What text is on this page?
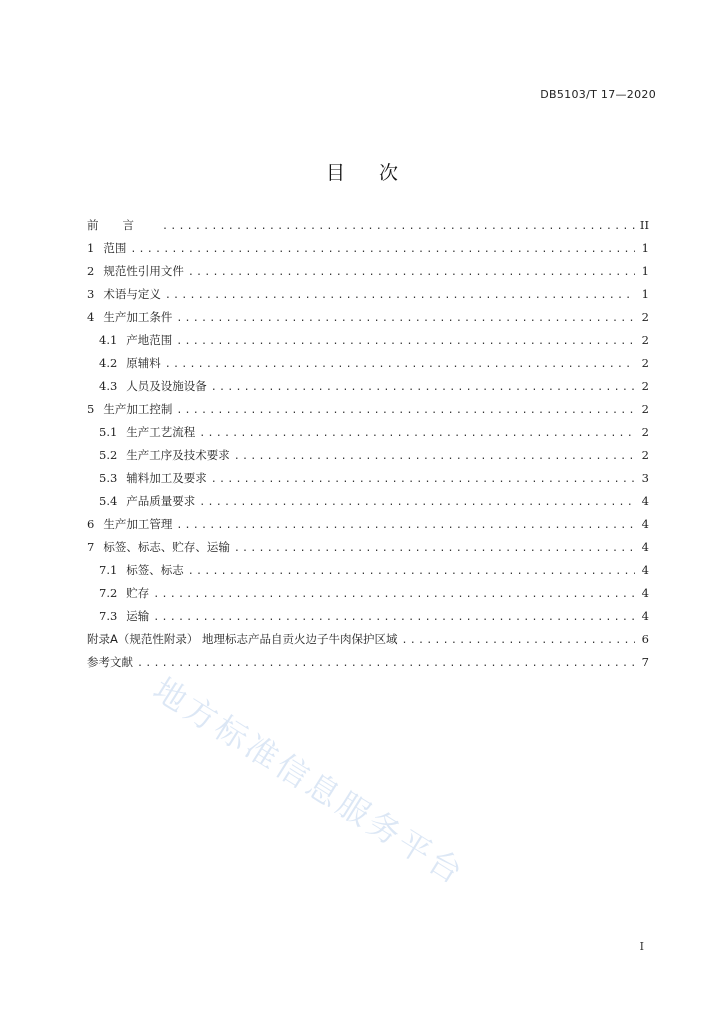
DB5103/T 17—2020
目 次
前言 .....	II
1 范围 .....	1
2 规范性引用文件 .....	1
3 术语与定义 .....	1
4 生产加工条件 .....	2
4.1 产地范围 .....	2
4.2 原辅料 .....	2
4.3 人员及设施设备 .....	2
5 生产加工控制 .....	2
5.1 生产工艺流程 .....	2
5.2 生产工序及技术要求 .....	2
5.3 辅料加工及要求 .....	3
5.4 产品质量要求 .....	4
6 生产加工管理 .....	4
7 标签、标志、贮存、运输 .....	4
7.1 标签、标志 .....	4
7.2 贮存 .....	4
7.3 运输 .....	4
附录A（规范性附录） 地理标志产品自贡火边子牛肉保护区域 .....	6
参考文献 .....	7
地方标准信息服务平台
I
